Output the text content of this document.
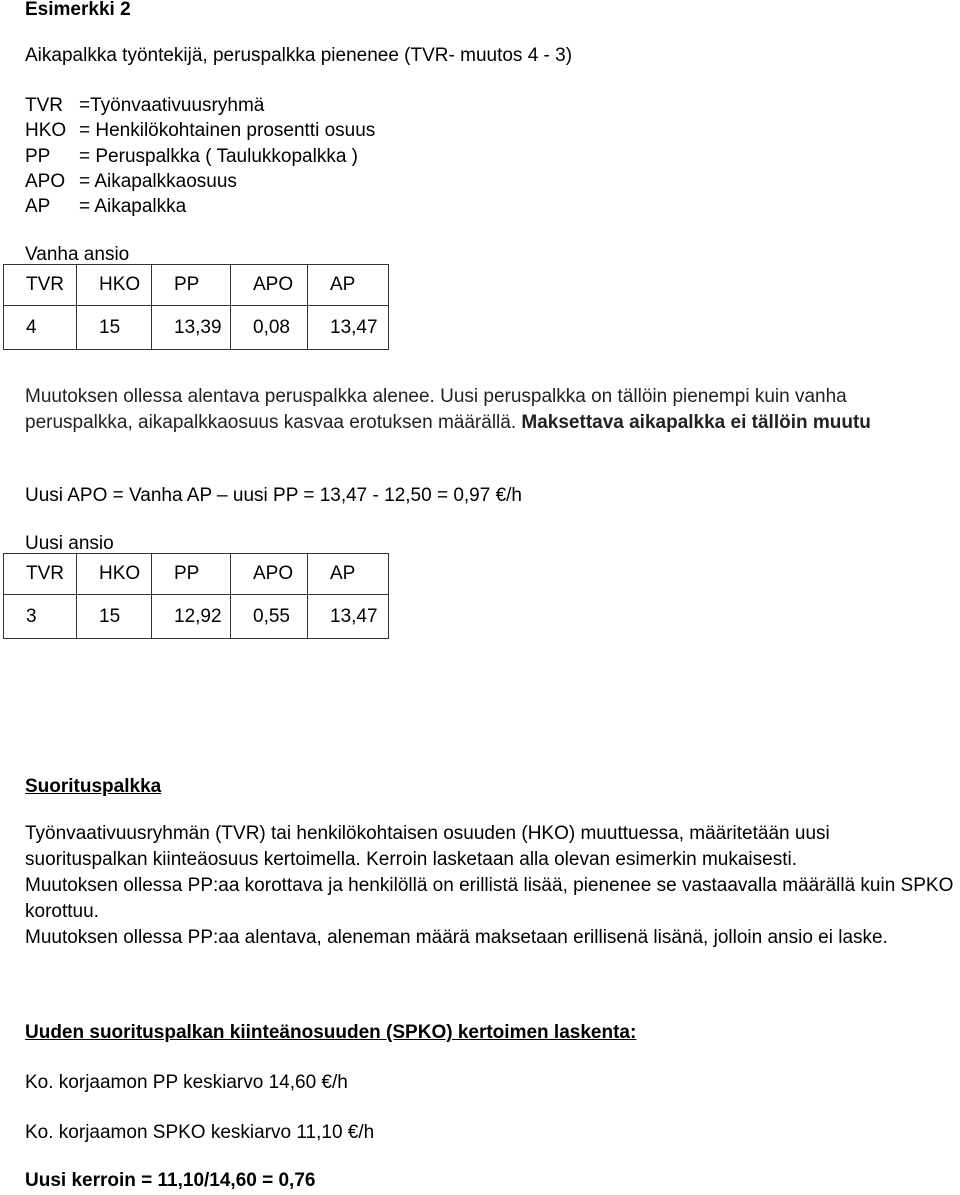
Esimerkki 2
Aikapalkka työntekijä, peruspalkka pienenee (TVR- muutos 4 - 3)
TVR =Työnvaativuusryhmä
HKO = Henkilökohtainen prosentti osuus
PP = Peruspalkka ( Taulukkopalkka )
APO = Aikapalkkaosuus
AP = Aikapalkka
Vanha ansio
TVR	HKO	PP	APO	AP
4	15	13,39	0,08	13,47
Muutoksen ollessa alentava peruspalkka alenee. Uusi peruspalkka on tällöin pienempi kuin vanha peruspalkka, aikapalkkaosuus kasvaa erotuksen määrällä. Maksettava aikapalkka ei tällöin muutu
Uusi APO = Vanha AP – uusi PP = 13,47 - 12,50 = 0,97 €/h
Uusi ansio
TVR	HKO	PP	APO	AP
3	15	12,92	0,55	13,47
Suorituspalkka
Työnvaativuusryhmän (TVR) tai henkilökohtaisen osuuden (HKO) muuttuessa, määritetään uusi suorituspalkan kiinteäosuus kertoimella. Kerroin lasketaan alla olevan esimerkin mukaisesti.
Muutoksen ollessa PP:aa korottava ja henkilöllä on erillistä lisää, pienenee se vastaavalla määrällä kuin SPKO korottuu.
Muutoksen ollessa PP:aa alentava, aleneman määrä maksetaan erillisenä lisänä, jolloin ansio ei laske.
Uuden suorituspalkan kiinteänosuuden (SPKO) kertoimen laskenta:
Ko. korjaamon PP keskiarvo 14,60 €/h
Ko. korjaamon SPKO keskiarvo 11,10 €/h
Uusi kerroin = 11,10/14,60 = 0,76
